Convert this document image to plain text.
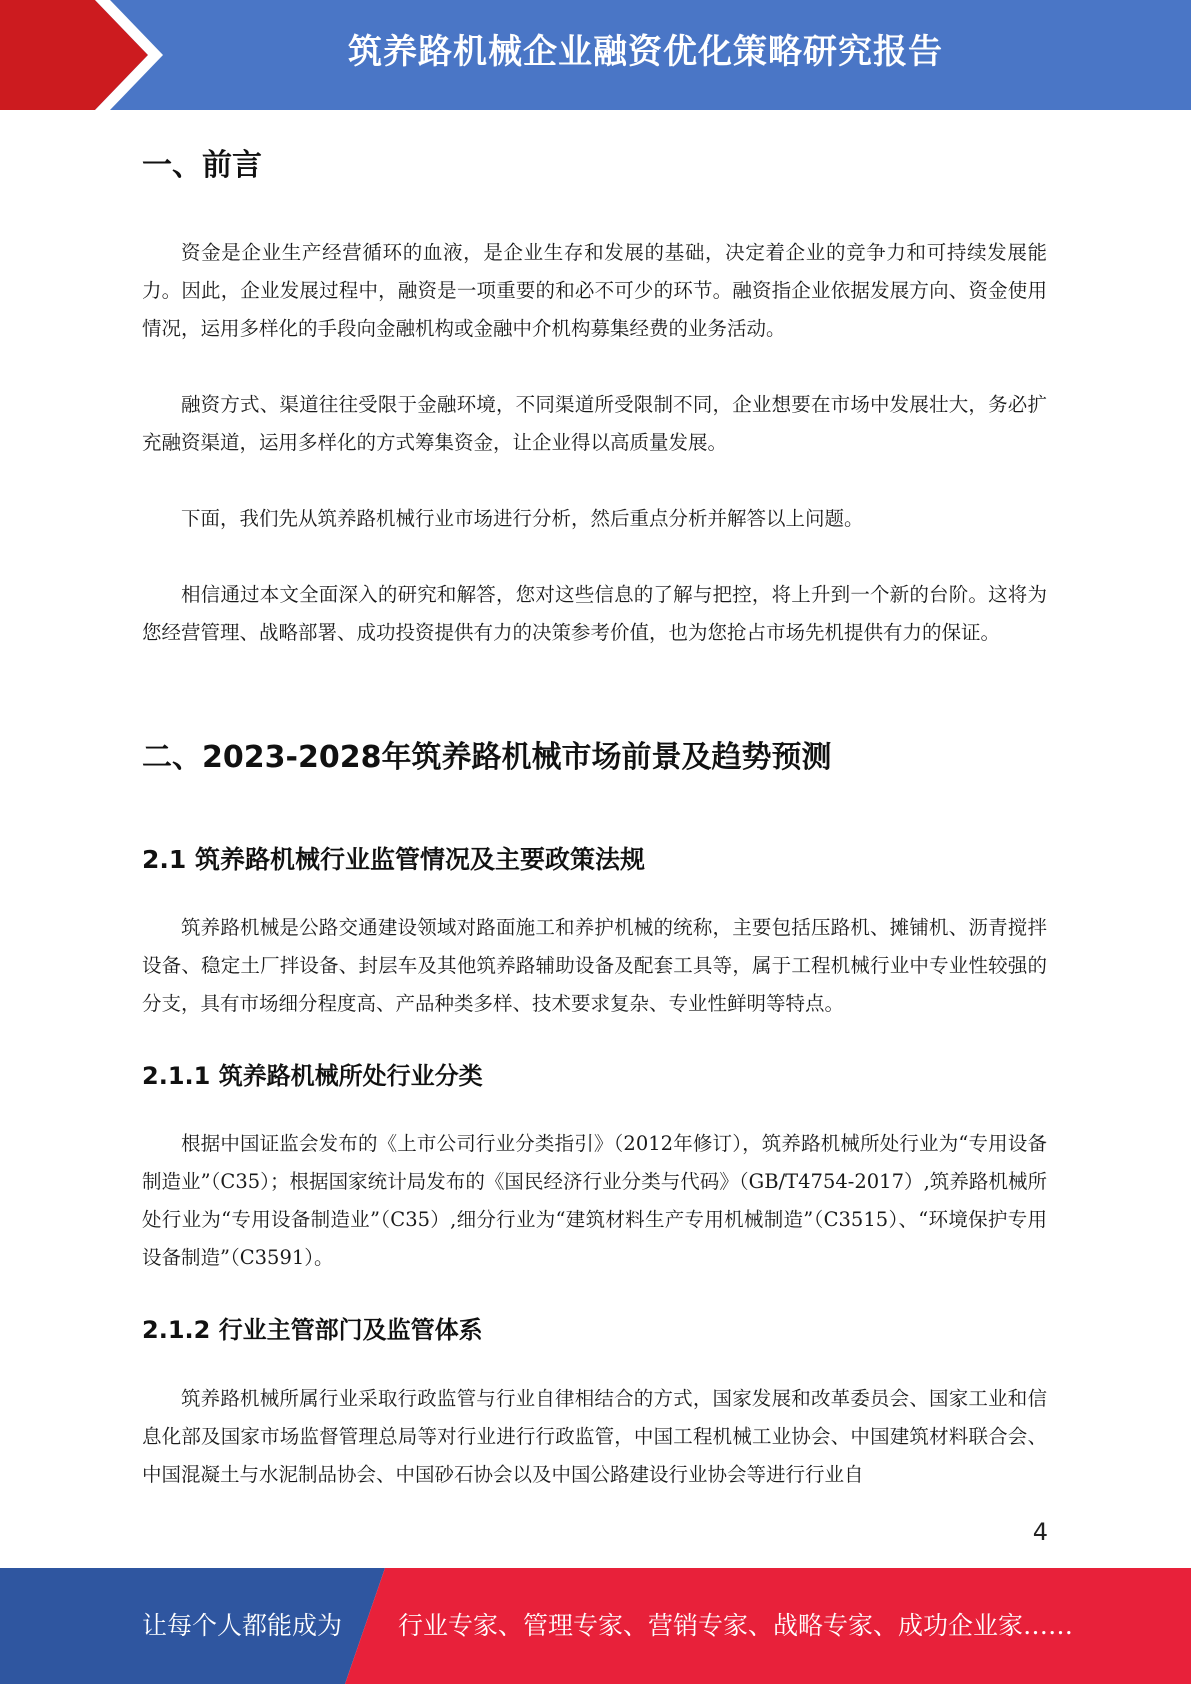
筑养路机械企业融资优化策略研究报告
一、前言

资金是企业生产经营循环的血液，是企业生存和发展的基础，决定着企业的竞争力和可持续发展能力。因此，企业发展过程中，融资是一项重要的和必不可少的环节。融资指企业依据发展方向、资金使用情况，运用多样化的手段向金融机构或金融中介机构募集经费的业务活动。

融资方式、渠道往往受限于金融环境，不同渠道所受限制不同，企业想要在市场中发展壮大，务必扩充融资渠道，运用多样化的方式筹集资金，让企业得以高质量发展。

下面，我们先从筑养路机械行业市场进行分析，然后重点分析并解答以上问题。

相信通过本文全面深入的研究和解答，您对这些信息的了解与把控，将上升到一个新的台阶。这将为您经营管理、战略部署、成功投资提供有力的决策参考价值，也为您抢占市场先机提供有力的保证。

二、2023-2028年筑养路机械市场前景及趋势预测
2.1 筑养路机械行业监管情况及主要政策法规

筑养路机械是公路交通建设领域对路面施工和养护机械的统称，主要包括压路机、摊铺机、沥青搅拌设备、稳定土厂拌设备、封层车及其他筑养路辅助设备及配套工具等，属于工程机械行业中专业性较强的分支，具有市场细分程度高、产品种类多样、技术要求复杂、专业性鲜明等特点。

2.1.1 筑养路机械所处行业分类

根据中国证监会发布的《上市公司行业分类指引》（2012年修订），筑养路机械所处行业为“专用设备制造业”（C35）；根据国家统计局发布的《国民经济行业分类与代码》（GB/T4754-2017）,筑养路机械所处行业为“专用设备制造业”（C35）,细分行业为“建筑材料生产专用机械制造”（C3515）、“环境保护专用设备制造”（C3591）。

2.1.2 行业主管部门及监管体系

筑养路机械所属行业采取行政监管与行业自律相结合的方式，国家发展和改革委员会、国家工业和信息化部及国家市场监督管理总局等对行业进行行政监管，中国工程机械工业协会、中国建筑材料联合会、中国混凝土与水泥制品协会、中国砂石协会以及中国公路建设行业协会等进行行业自

4
让每个人都能成为 行业专家、管理专家、营销专家、战略专家、成功企业家……
